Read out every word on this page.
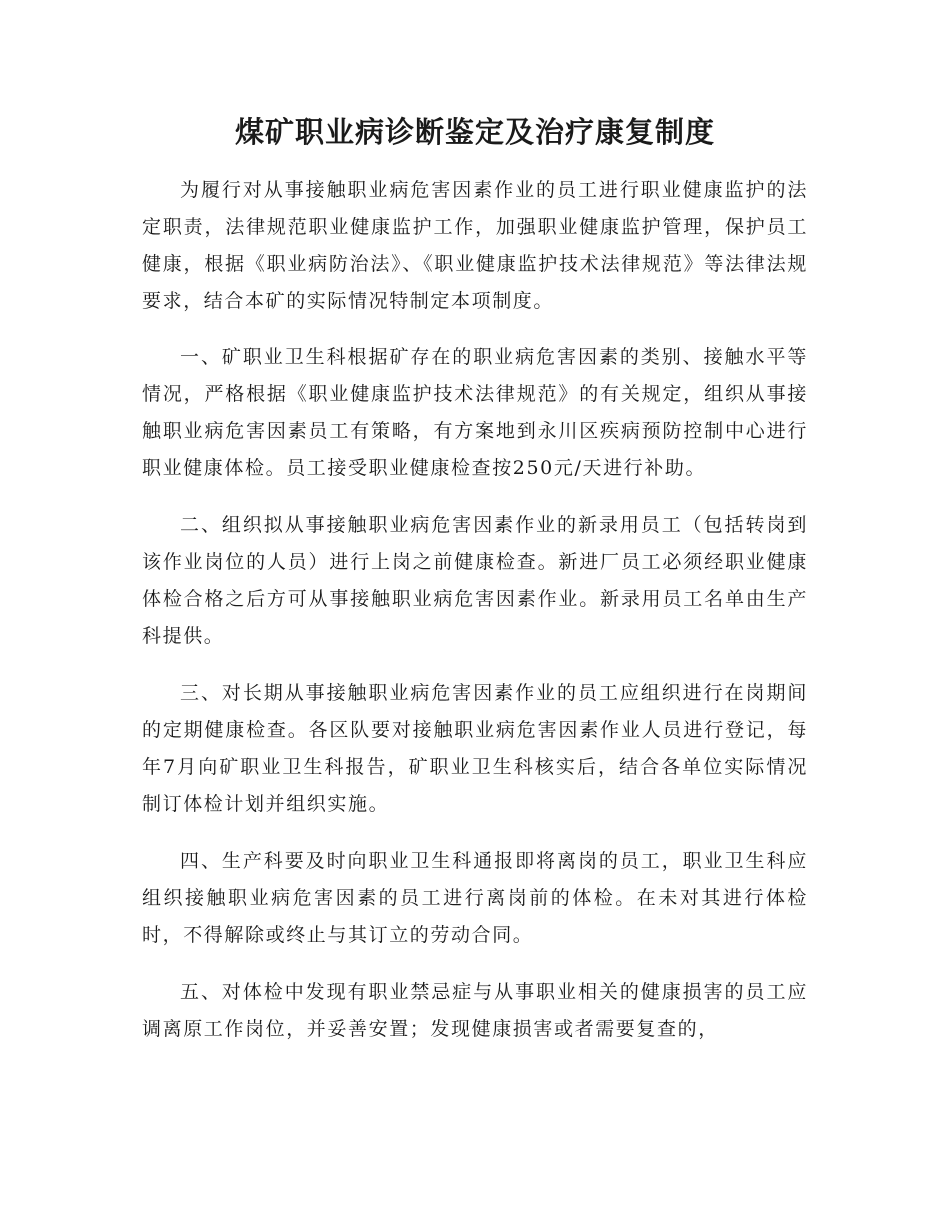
煤矿职业病诊断鉴定及治疗康复制度

为履行对从事接触职业病危害因素作业的员工进行职业健康监护的法定职责，法律规范职业健康监护工作，加强职业健康监护管理，保护员工健康，根据《职业病防治法》、《职业健康监护技术法律规范》等法律法规要求，结合本矿的实际情况特制定本项制度。

一、矿职业卫生科根据矿存在的职业病危害因素的类别、接触水平等情况，严格根据《职业健康监护技术法律规范》的有关规定，组织从事接触职业病危害因素员工有策略，有方案地到永川区疾病预防控制中心进行职业健康体检。员工接受职业健康检查按250元/天进行补助。

二、组织拟从事接触职业病危害因素作业的新录用员工（包括转岗到该作业岗位的人员）进行上岗之前健康检查。新进厂员工必须经职业健康体检合格之后方可从事接触职业病危害因素作业。新录用员工名单由生产科提供。

三、对长期从事接触职业病危害因素作业的员工应组织进行在岗期间的定期健康检查。各区队要对接触职业病危害因素作业人员进行登记，每年7月向矿职业卫生科报告，矿职业卫生科核实后，结合各单位实际情况制订体检计划并组织实施。

四、生产科要及时向职业卫生科通报即将离岗的员工，职业卫生科应组织接触职业病危害因素的员工进行离岗前的体检。在未对其进行体检时，不得解除或终止与其订立的劳动合同。

五、对体检中发现有职业禁忌症与从事职业相关的健康损害的员工应调离原工作岗位，并妥善安置；发现健康损害或者需要复查的，
